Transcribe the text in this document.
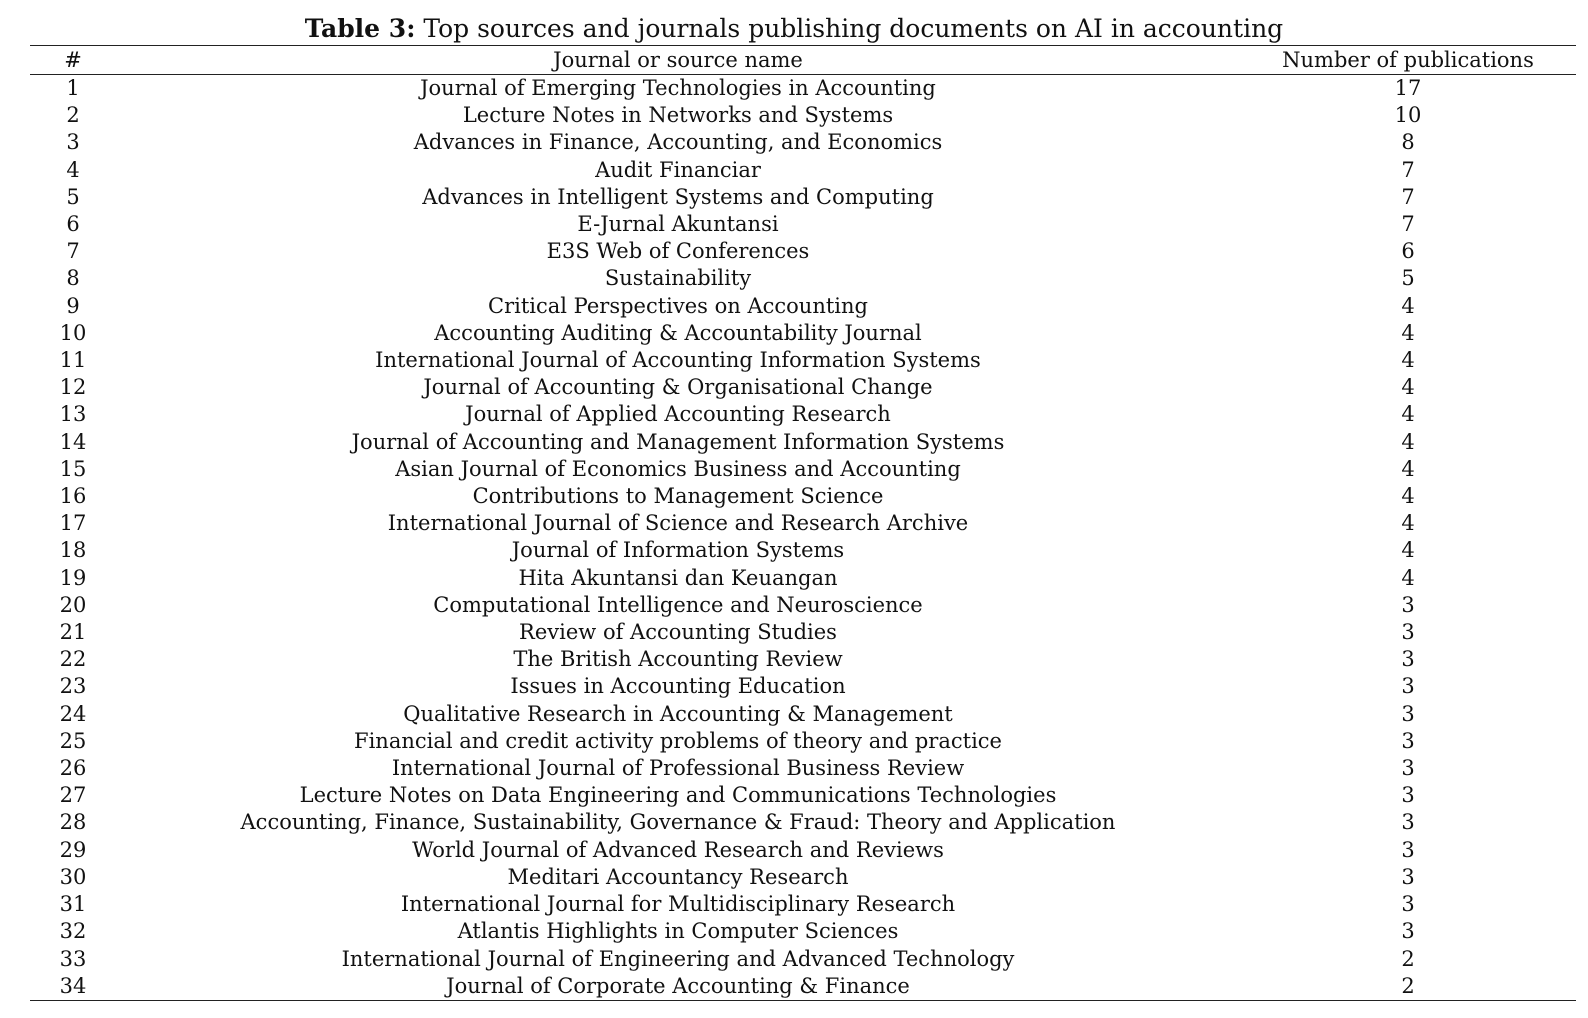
Table 3: Top sources and journals publishing documents on AI in accounting
#	Journal or source name	Number of publications
1	Journal of Emerging Technologies in Accounting	17
2	Lecture Notes in Networks and Systems	10
3	Advances in Finance, Accounting, and Economics	8
4	Audit Financiar	7
5	Advances in Intelligent Systems and Computing	7
6	E-Jurnal Akuntansi	7
7	E3S Web of Conferences	6
8	Sustainability	5
9	Critical Perspectives on Accounting	4
10	Accounting Auditing & Accountability Journal	4
11	International Journal of Accounting Information Systems	4
12	Journal of Accounting & Organisational Change	4
13	Journal of Applied Accounting Research	4
14	Journal of Accounting and Management Information Systems	4
15	Asian Journal of Economics Business and Accounting	4
16	Contributions to Management Science	4
17	International Journal of Science and Research Archive	4
18	Journal of Information Systems	4
19	Hita Akuntansi dan Keuangan	4
20	Computational Intelligence and Neuroscience	3
21	Review of Accounting Studies	3
22	The British Accounting Review	3
23	Issues in Accounting Education	3
24	Qualitative Research in Accounting & Management	3
25	Financial and credit activity problems of theory and practice	3
26	International Journal of Professional Business Review	3
27	Lecture Notes on Data Engineering and Communications Technologies	3
28	Accounting, Finance, Sustainability, Governance & Fraud: Theory and Application	3
29	World Journal of Advanced Research and Reviews	3
30	Meditari Accountancy Research	3
31	International Journal for Multidisciplinary Research	3
32	Atlantis Highlights in Computer Sciences	3
33	International Journal of Engineering and Advanced Technology	2
34	Journal of Corporate Accounting & Finance	2
